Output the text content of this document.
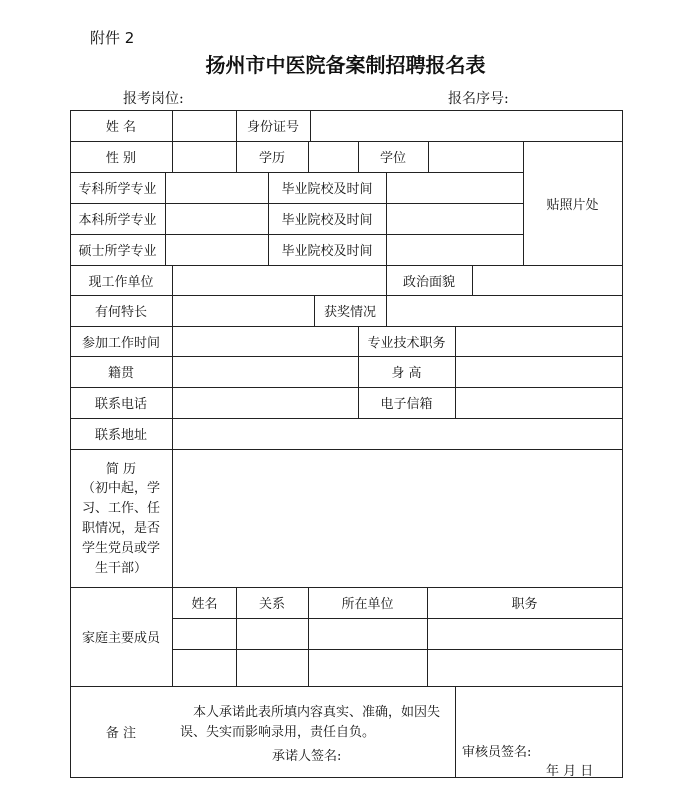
附件 2
扬州市中医院备案制招聘报名表
报考岗位:	报名序号:
姓 名	身份证号
性 别	学历	学位
贴照片处
专科所学专业	毕业院校及时间
本科所学专业	毕业院校及时间
硕士所学专业	毕业院校及时间
现工作单位	政治面貌
有何特长	获奖情况
参加工作时间	专业技术职务
籍贯	身 高
联系电话	电子信箱
联系地址
简 历
（初中起，学习、工作、任职情况，是否学生党员或学生干部）
家庭主要成员
姓名	关系	所在单位	职务
备 注
本人承诺此表所填内容真实、准确，如因失误、失实而影响录用，责任自负。
承诺人签名:	审核员签名:
年 月 日
